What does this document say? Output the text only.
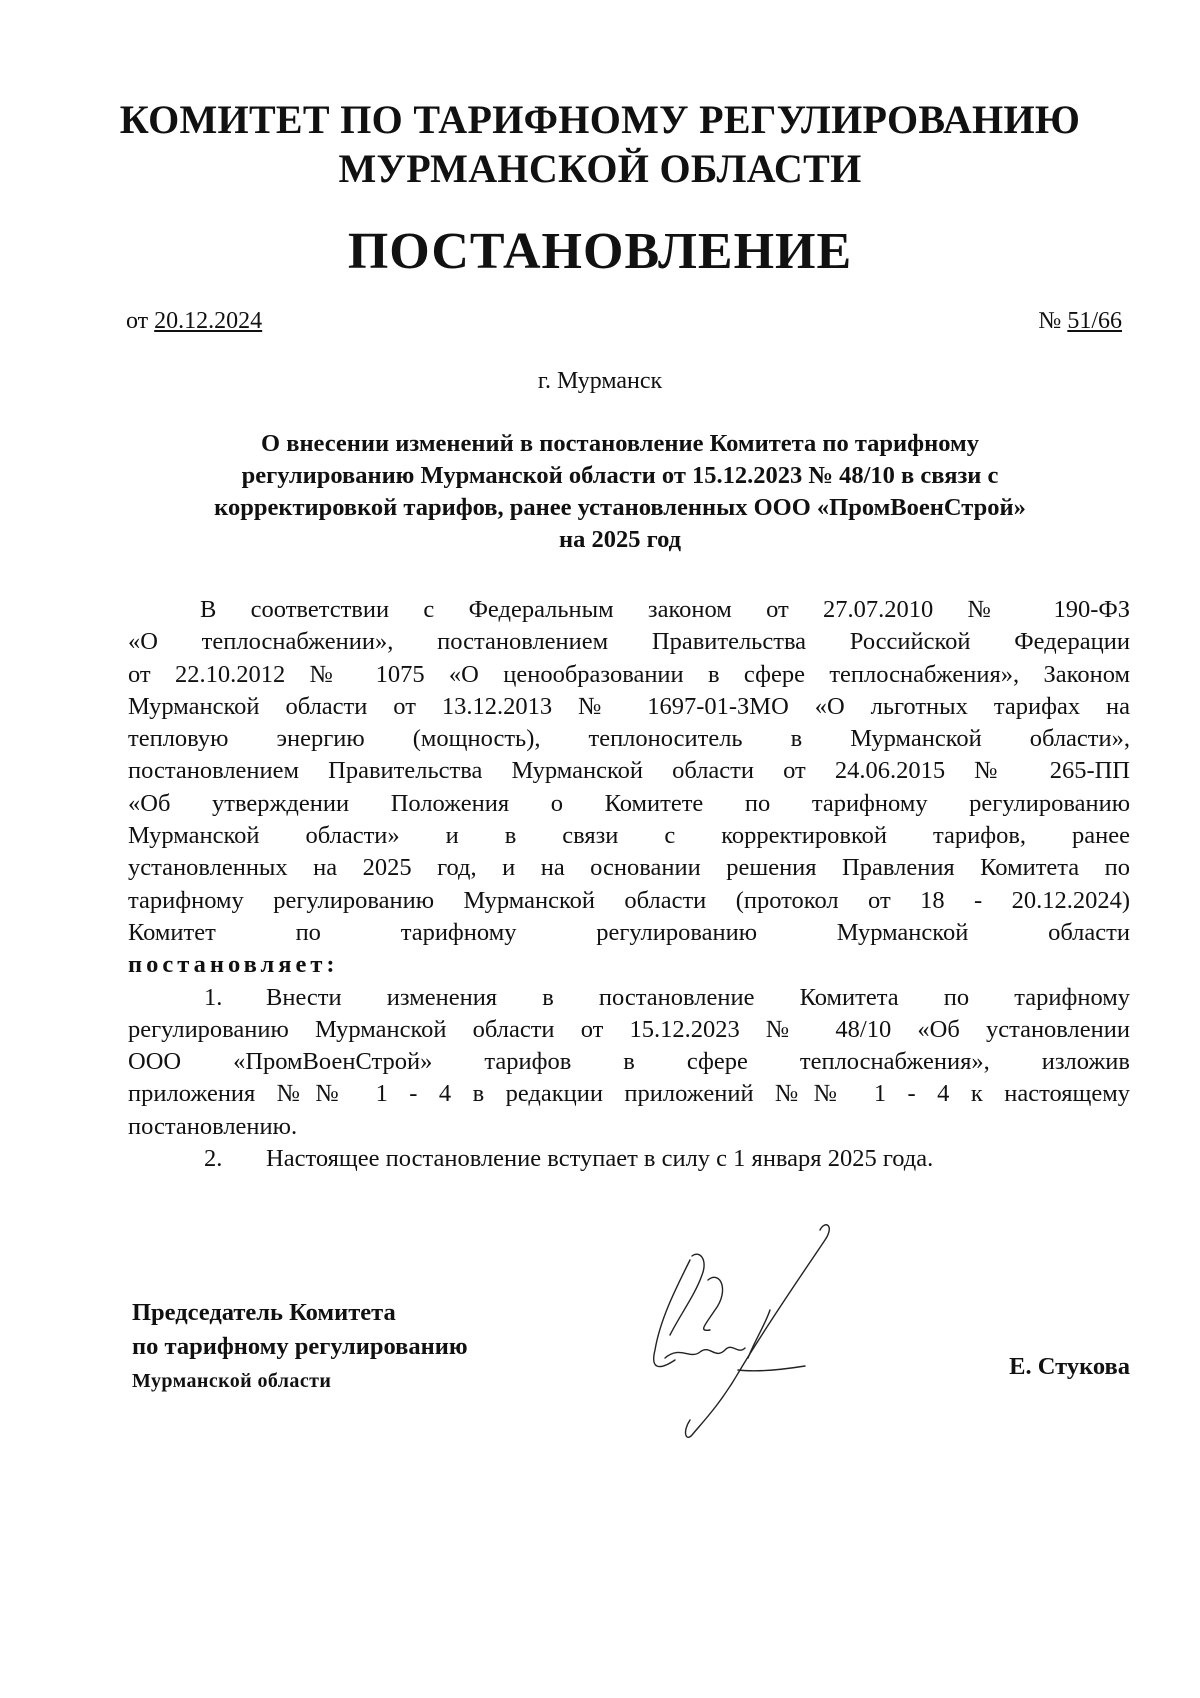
КОМИТЕТ ПО ТАРИФНОМУ РЕГУЛИРОВАНИЮ
МУРМАНСКОЙ ОБЛАСТИ
ПОСТАНОВЛЕНИЕ
от 20.12.2024	№ 51/66
г. Мурманск
О внесении изменений в постановление Комитета по тарифному
регулированию Мурманской области от 15.12.2023 № 48/10 в связи с
корректировкой тарифов, ранее установленных ООО «ПромВоенСтрой»
на 2025 год
В соответствии с Федеральным законом от 27.07.2010 № 190-ФЗ
«О теплоснабжении», постановлением Правительства Российской Федерации
от 22.10.2012 № 1075 «О ценообразовании в сфере теплоснабжения», Законом
Мурманской области от 13.12.2013 № 1697-01-ЗМО «О льготных тарифах на
тепловую энергию (мощность), теплоноситель в Мурманской области»,
постановлением Правительства Мурманской области от 24.06.2015 № 265-ПП
«Об утверждении Положения о Комитете по тарифному регулированию
Мурманской области» и в связи с корректировкой тарифов, ранее
установленных на 2025 год, и на основании решения Правления Комитета по
тарифному регулированию Мурманской области (протокол от 18 - 20.12.2024)
Комитет	по	тарифному	регулированию	Мурманской	области
постановляет:
1.	Внести изменения в постановление Комитета по тарифному
регулированию Мурманской области от 15.12.2023 № 48/10 «Об установлении
ООО «ПромВоенСтрой» тарифов в сфере теплоснабжения», изложив
приложения №№ 1 - 4 в редакции приложений №№ 1 - 4 к настоящему
постановлению.
2. Настоящее постановление вступает в силу с 1 января 2025 года.
Председатель Комитета
по тарифному регулированию
Мурманской области
Е. Стукова
